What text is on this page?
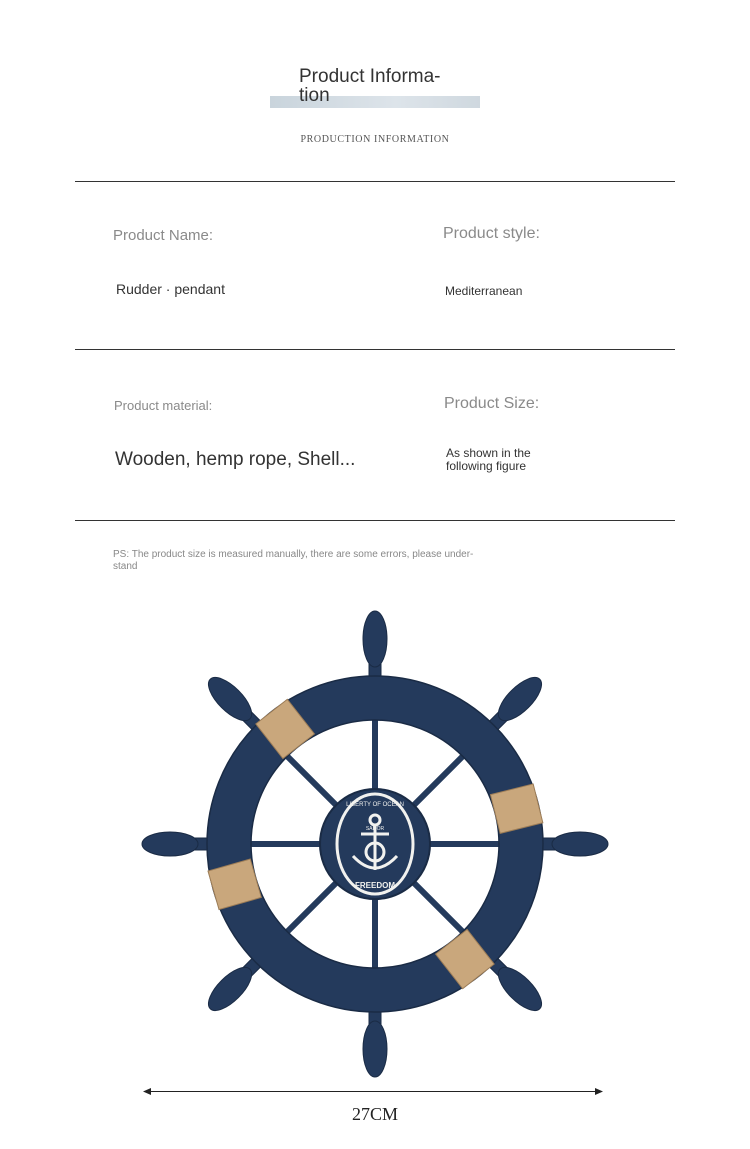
Product Informa-
tion
PRODUCTION INFORMATION
Product Name:
Rudder · pendant
Product style:
Mediterranean
Product material:
Wooden, hemp rope, Shell...
Product Size:
As shown in the
following figure
PS: The product size is measured manually, there are some errors, please under-
stand
LIBERTY OF OCEAN
SAILOR
FREEDOM
27CM
